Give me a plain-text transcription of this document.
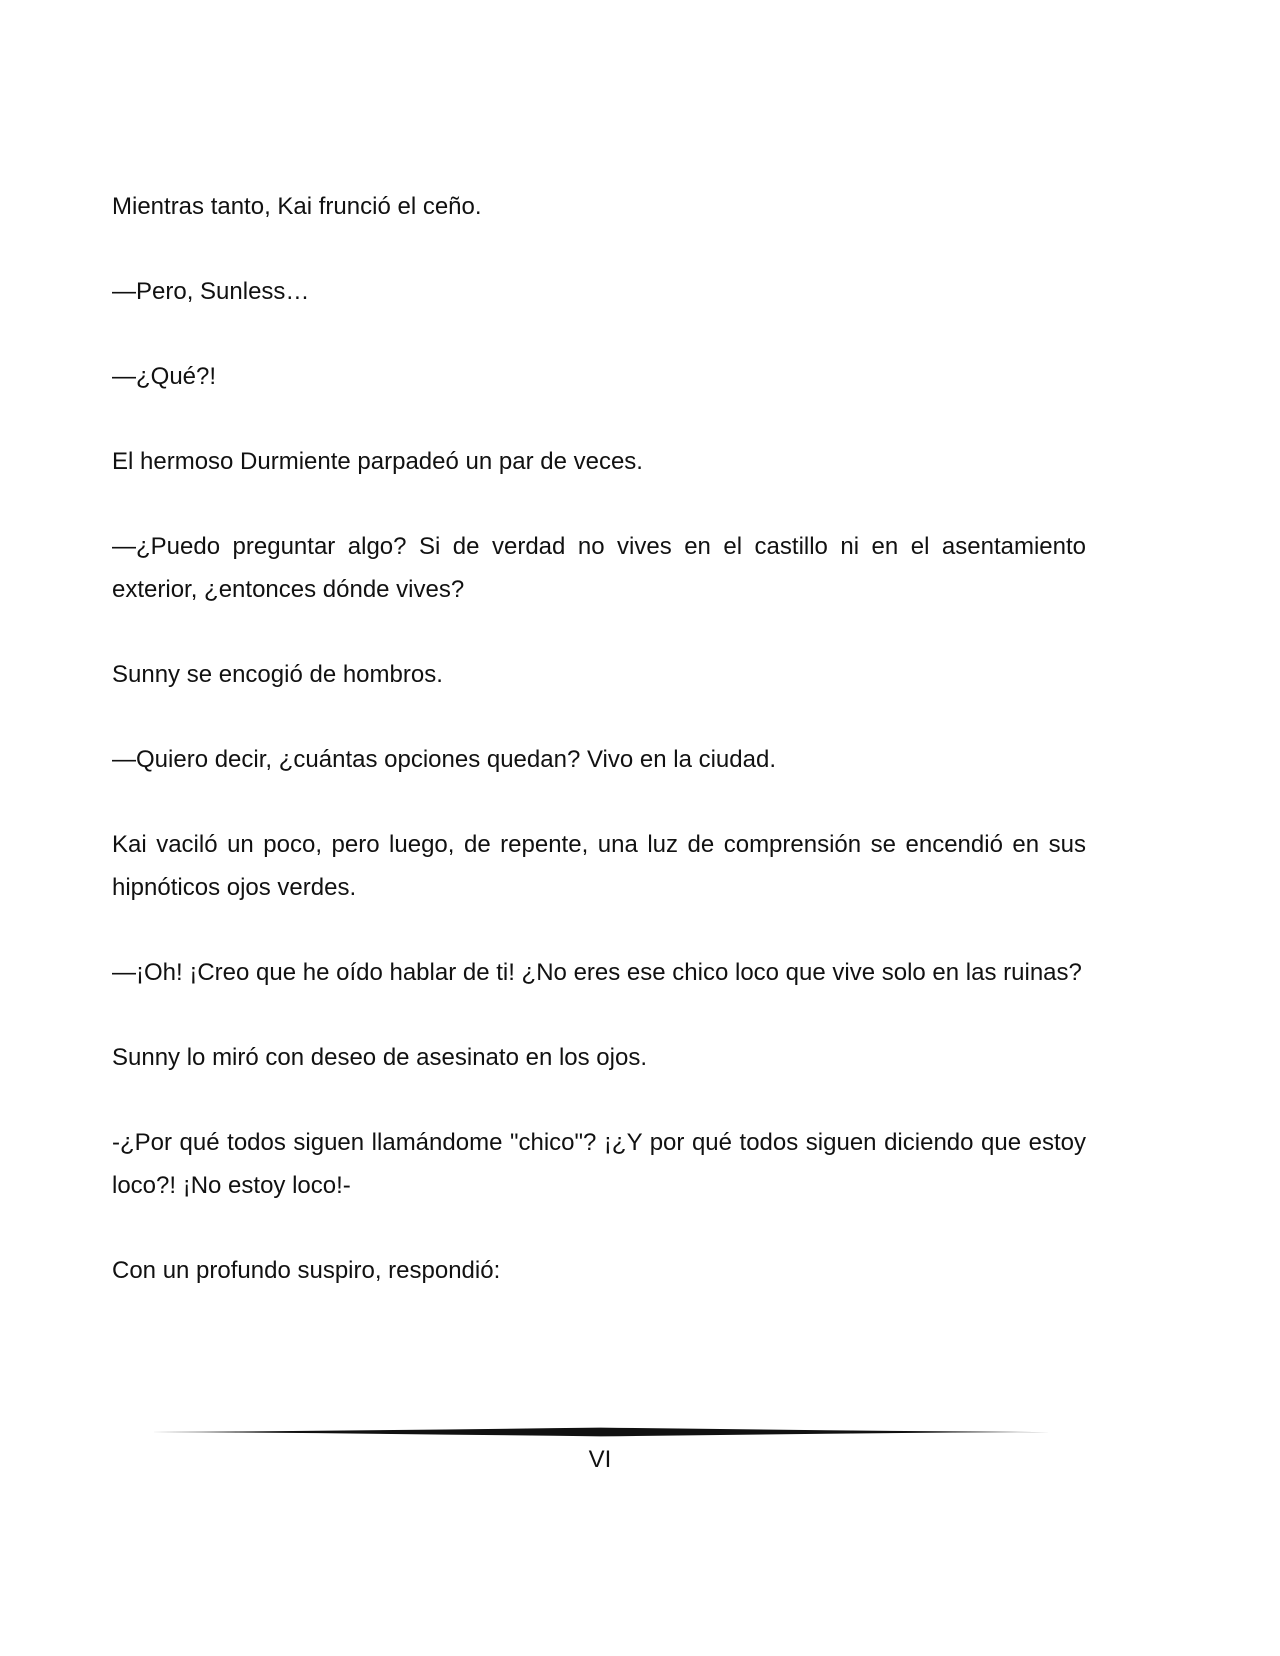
Mientras tanto, Kai frunció el ceño.

—Pero, Sunless…

—¿Qué?!

El hermoso Durmiente parpadeó un par de veces.

—¿Puedo preguntar algo? Si de verdad no vives en el castillo ni en el asentamiento exterior, ¿entonces dónde vives?

Sunny se encogió de hombros.

—Quiero decir, ¿cuántas opciones quedan? Vivo en la ciudad.

Kai vaciló un poco, pero luego, de repente, una luz de comprensión se encendió en sus hipnóticos ojos verdes.

—¡Oh! ¡Creo que he oído hablar de ti! ¿No eres ese chico loco que vive solo en las ruinas?

Sunny lo miró con deseo de asesinato en los ojos.

-¿Por qué todos siguen llamándome "chico"? ¡¿Y por qué todos siguen diciendo que estoy loco?! ¡No estoy loco!-

Con un profundo suspiro, respondió:

VI
